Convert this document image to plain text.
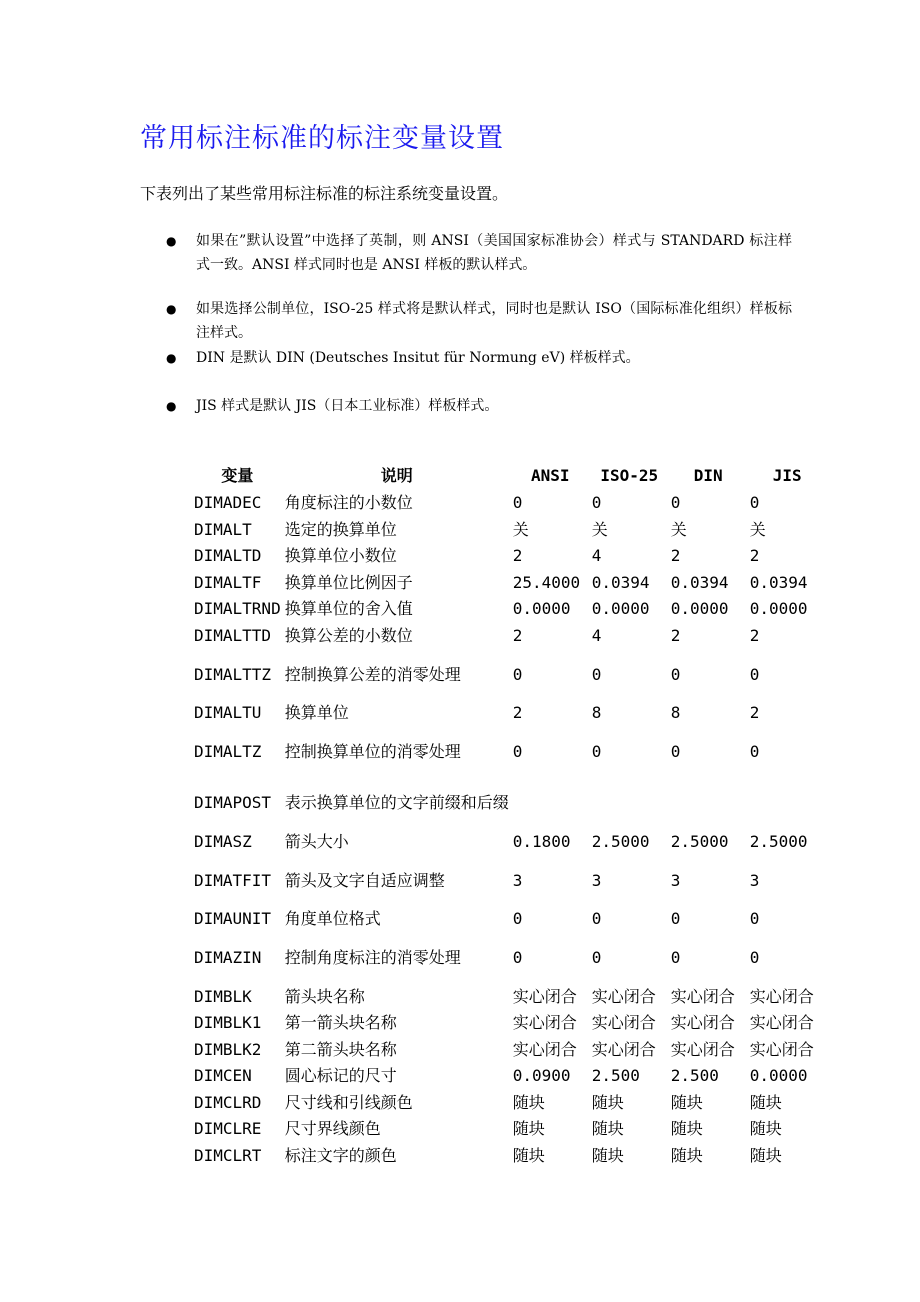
常用标注标准的标注变量设置

下表列出了某些常用标注标准的标注系统变量设置。

● 如果在”默认设置”中选择了英制，则 ANSI（美国国家标准协会）样式与 STANDARD 标注样式一致。ANSI 样式同时也是 ANSI 样板的默认样式。
● 如果选择公制单位，ISO-25 样式将是默认样式，同时也是默认 ISO（国际标准化组织）样板标注样式。
● DIN 是默认 DIN (Deutsches Insitut für Normung eV) 样板样式。
● JIS 样式是默认 JIS（日本工业标准）样板样式。
变量	说明	ANSI	ISO-25	DIN	JIS
DIMADEC	角度标注的小数位	0	0	0	0
DIMALT	选定的换算单位	关	关	关	关
DIMALTD	换算单位小数位	2	4	2	2
DIMALTF	换算单位比例因子	25.4000	0.0394	0.0394	0.0394
DIMALTRND	换算单位的舍入值	0.0000	0.0000	0.0000	0.0000
DIMALTTD	换算公差的小数位	2	4	2	2
DIMALTTZ	控制换算公差的消零处理	0	0	0	0
DIMALTU	换算单位	2	8	8	2
DIMALTZ	控制换算单位的消零处理	0	0	0	0
DIMAPOST	表示换算单位的文字前缀和后缀				
DIMASZ	箭头大小	0.1800	2.5000	2.5000	2.5000
DIMATFIT	箭头及文字自适应调整	3	3	3	3
DIMAUNIT	角度单位格式	0	0	0	0
DIMAZIN	控制角度标注的消零处理	0	0	0	0
DIMBLK	箭头块名称	实心闭合	实心闭合	实心闭合	实心闭合
DIMBLK1	第一箭头块名称	实心闭合	实心闭合	实心闭合	实心闭合
DIMBLK2	第二箭头块名称	实心闭合	实心闭合	实心闭合	实心闭合
DIMCEN	圆心标记的尺寸	0.0900	2.500	2.500	0.0000
DIMCLRD	尺寸线和引线颜色	随块	随块	随块	随块
DIMCLRE	尺寸界线颜色	随块	随块	随块	随块
DIMCLRT	标注文字的颜色	随块	随块	随块	随块
